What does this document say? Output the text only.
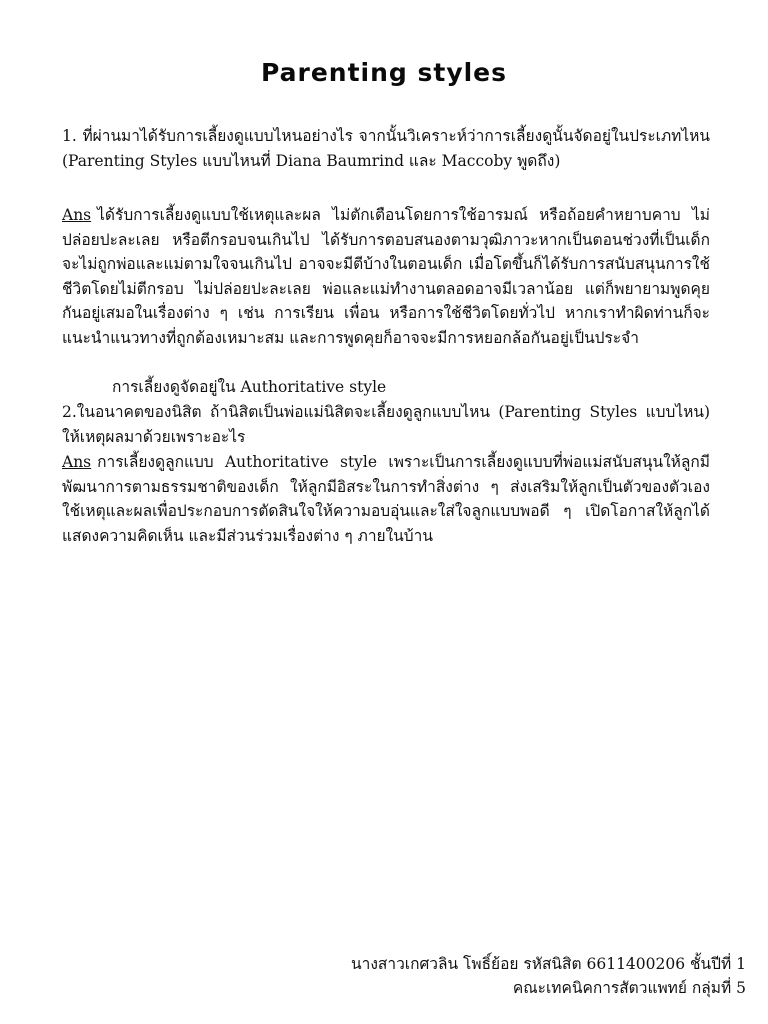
Parenting styles

1. ที่ผ่านมาได้รับการเลี้ยงดูแบบไหนอย่างไร จากนั้นวิเคราะห์ว่าการเลี้ยงดูนั้นจัดอยู่ในประเภทไหน (Parenting Styles แบบไหนที่ Diana Baumrind และ Maccoby พูดถึง)

Ans ได้รับการเลี้ยงดูแบบใช้เหตุและผล ไม่ตักเตือนโดยการใช้อารมณ์ หรือถ้อยคำหยาบคาบ ไม่ปล่อยปะละเลย หรือตีกรอบจนเกินไป ได้รับการตอบสนองตามวุฒิภาวะหากเป็นตอนช่วงที่เป็นเด็กจะไม่ถูกพ่อและแม่ตามใจจนเกินไป อาจจะมีตีบ้างในตอนเด็ก เมื่อโตขึ้นก็ได้รับการสนับสนุนการใช้ชีวิตโดยไม่ตีกรอบ ไม่ปล่อยปะละเลย พ่อและแม่ทำงานตลอดอาจมีเวลาน้อย แต่ก็พยายามพูดคุยกันอยู่เสมอในเรื่องต่าง ๆ เช่น การเรียน เพื่อน หรือการใช้ชีวิตโดยทั่วไป หากเราทำผิดท่านก็จะแนะนำแนวทางที่ถูกต้องเหมาะสม และการพูดคุยก็อาจจะมีการหยอกล้อกันอยู่เป็นประจำ

การเลี้ยงดูจัดอยู่ใน Authoritative style

2.ในอนาคตของนิสิต ถ้านิสิตเป็นพ่อแม่นิสิตจะเลี้ยงดูลูกแบบไหน (Parenting Styles แบบไหน) ให้เหตุผลมาด้วยเพราะอะไร

Ans การเลี้ยงดูลูกแบบ Authoritative style เพราะเป็นการเลี้ยงดูแบบที่พ่อแม่สนับสนุนให้ลูกมีพัฒนาการตามธรรมชาติของเด็ก ให้ลูกมีอิสระในการทำสิ่งต่าง ๆ ส่งเสริมให้ลูกเป็นตัวของตัวเอง ใช้เหตุและผลเพื่อประกอบการตัดสินใจให้ความอบอุ่นและใส่ใจลูกแบบพอดี ๆ เปิดโอกาสให้ลูกได้แสดงความคิดเห็น และมีส่วนร่วมเรื่องต่าง ๆ ภายในบ้าน

นางสาวเกศวลิน โพธิ์ย้อย รหัสนิสิต 6611400206 ชั้นปีที่ 1

คณะเทคนิคการสัตวแพทย์ กลุ่มที่ 5
